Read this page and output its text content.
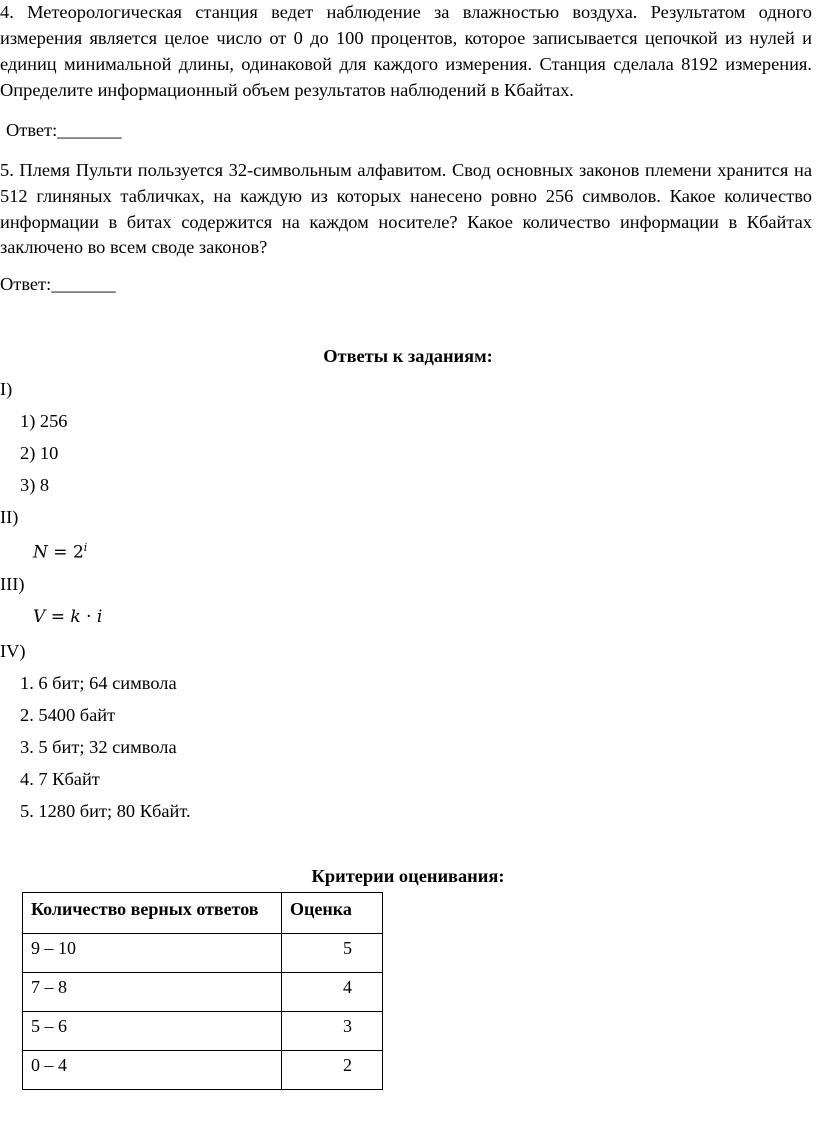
4. Метеорологическая станция ведет наблюдение за влажностью воздуха. Результатом одного
измерения является целое число от 0 до 100 процентов, которое записывается цепочкой из нулей и
единиц минимальной длины, одинаковой для каждого измерения. Станция сделала 8192 измерения.
Определите информационный объем результатов наблюдений в Кбайтах.
Ответ:_______
5. Племя Пульти пользуется 32-символьным алфавитом. Свод основных законов племени хранится на
512 глиняных табличках, на каждую из которых нанесено ровно 256 символов. Какое количество
информации в битах содержится на каждом носителе? Какое количество информации в Кбайтах
заключено во всем своде законов?
Ответ:_______
Ответы к заданиям:
I)
1) 256
2) 10
3) 8
II)
$N = 2^i$
III)
V = k · i
IV)
1. 6 бит; 64 символа
2. 5400 байт
3. 5 бит; 32 символа
4. 7 Кбайт
5. 1280 бит; 80 Кбайт.
Критерии оценивания:
Количество верных ответов	Оценка
9 – 10	5
7 – 8	4
5 – 6	3
0 – 4	2
